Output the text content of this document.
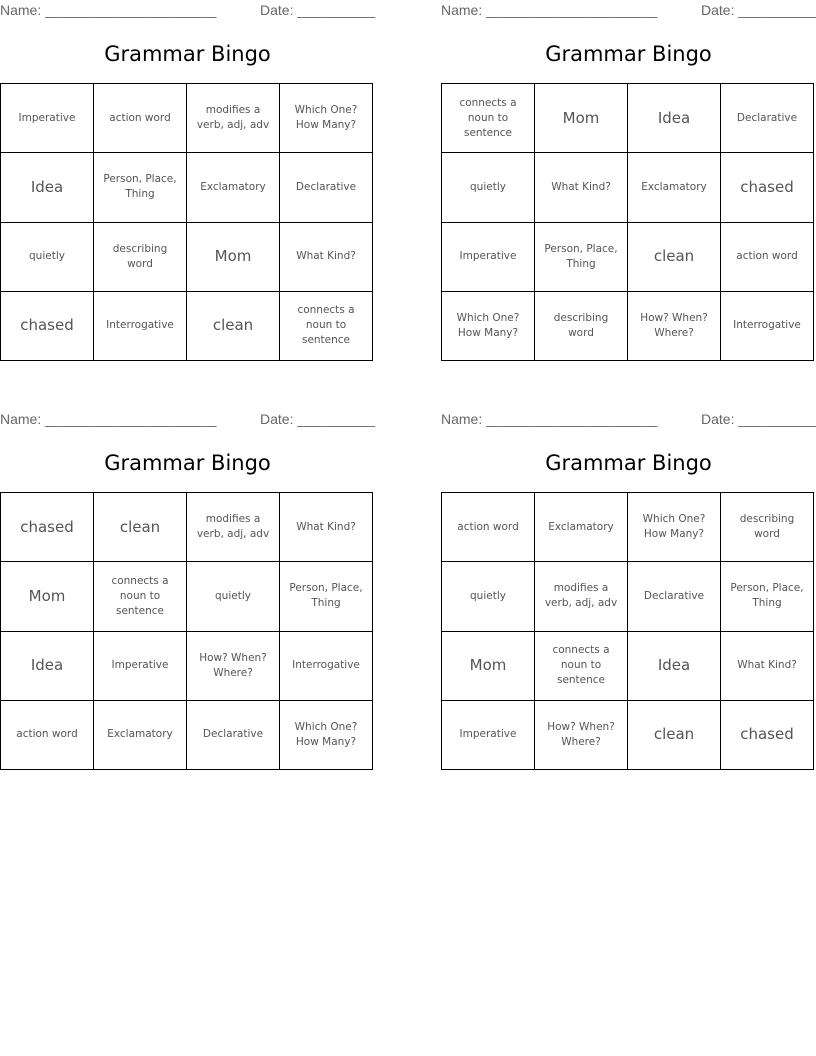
Name: ______________________	Date: __________
Grammar Bingo
Imperative	action word	modifies a verb, adj, adv	Which One? How Many?
Idea	Person, Place, Thing	Exclamatory	Declarative
quietly	describing word	Mom	What Kind?
chased	Interrogative	clean	connects a noun to sentence
Name: ______________________	Date: __________
Grammar Bingo
connects a noun to sentence	Mom	Idea	Declarative
quietly	What Kind?	Exclamatory	chased
Imperative	Person, Place, Thing	clean	action word
Which One? How Many?	describing word	How? When? Where?	Interrogative
Name: ______________________	Date: __________
Grammar Bingo
chased	clean	modifies a verb, adj, adv	What Kind?
Mom	connects a noun to sentence	quietly	Person, Place, Thing
Idea	Imperative	How? When? Where?	Interrogative
action word	Exclamatory	Declarative	Which One? How Many?
Name: ______________________	Date: __________
Grammar Bingo
action word	Exclamatory	Which One? How Many?	describing word
quietly	modifies a verb, adj, adv	Declarative	Person, Place, Thing
Mom	connects a noun to sentence	Idea	What Kind?
Imperative	How? When? Where?	clean	chased
